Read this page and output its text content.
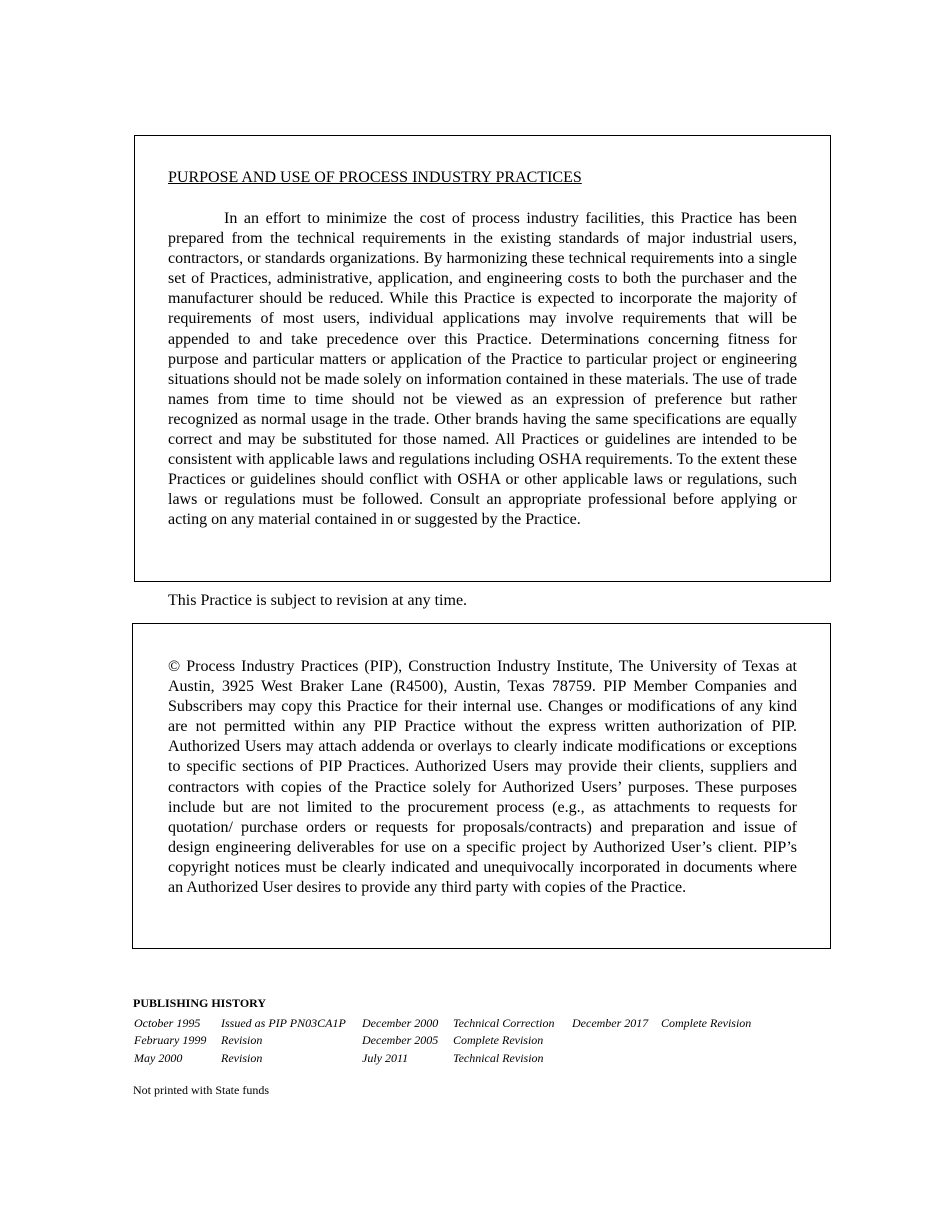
PURPOSE AND USE OF PROCESS INDUSTRY PRACTICES

In an effort to minimize the cost of process industry facilities, this Practice has been prepared from the technical requirements in the existing standards of major industrial users, contractors, or standards organizations. By harmonizing these technical requirements into a single set of Practices, administrative, application, and engineering costs to both the purchaser and the manufacturer should be reduced. While this Practice is expected to incorporate the majority of requirements of most users, individual applications may involve requirements that will be appended to and take precedence over this Practice. Determinations concerning fitness for purpose and particular matters or application of the Practice to particular project or engineering situations should not be made solely on information contained in these materials. The use of trade names from time to time should not be viewed as an expression of preference but rather recognized as normal usage in the trade. Other brands having the same specifications are equally correct and may be substituted for those named. All Practices or guidelines are intended to be consistent with applicable laws and regulations including OSHA requirements. To the extent these Practices or guidelines should conflict with OSHA or other applicable laws or regulations, such laws or regulations must be followed. Consult an appropriate professional before applying or acting on any material contained in or suggested by the Practice.

This Practice is subject to revision at any time.

© Process Industry Practices (PIP), Construction Industry Institute, The University of Texas at Austin, 3925 West Braker Lane (R4500), Austin, Texas 78759. PIP Member Companies and Subscribers may copy this Practice for their internal use. Changes or modifications of any kind are not permitted within any PIP Practice without the express written authorization of PIP. Authorized Users may attach addenda or overlays to clearly indicate modifications or exceptions to specific sections of PIP Practices. Authorized Users may provide their clients, suppliers and contractors with copies of the Practice solely for Authorized Users’ purposes. These purposes include but are not limited to the procurement process (e.g., as attachments to requests for quotation/ purchase orders or requests for proposals/contracts) and preparation and issue of design engineering deliverables for use on a specific project by Authorized User’s client. PIP’s copyright notices must be clearly indicated and unequivocally incorporated in documents where an Authorized User desires to provide any third party with copies of the Practice.

PUBLISHING HISTORY
October 1995 Issued as PIP PN03CA1P
February 1999 Revision
May 2000	Revision
December 2000 Technical Correction
December 2005 Complete Revision
July 2011	Technical Revision
December 2017 Complete Revision
Not printed with State funds
